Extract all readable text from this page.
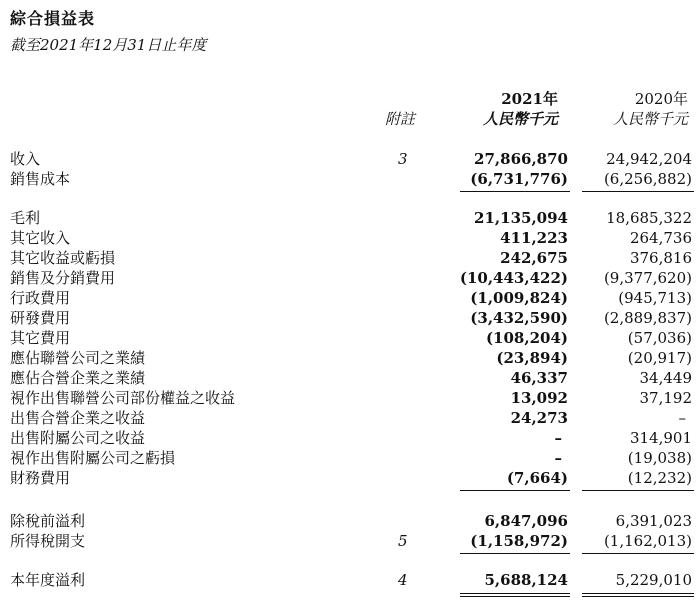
綜合損益表
截至2021年12月31日止年度
附註
2021年
人民幣千元
2020年
人民幣千元
收入	3	27,866,870	24,942,204
銷售成本	(6,731,776)	(6,256,882)
毛利	21,135,094	18,685,322
其它收入	411,223	264,736
其它收益或虧損	242,675	376,816
銷售及分銷費用	(10,443,422)	(9,377,620)
行政費用	(1,009,824)	(945,713)
研發費用	(3,432,590)	(2,889,837)
其它費用	(108,204)	(57,036)
應佔聯營公司之業績	(23,894)	(20,917)
應佔合營企業之業績	46,337	34,449
視作出售聯營公司部份權益之收益	13,092	37,192
出售合營企業之收益	24,273	–
出售附屬公司之收益	–	314,901
視作出售附屬公司之虧損	–	(19,038)
財務費用	(7,664)	(12,232)
除稅前溢利	6,847,096	6,391,023
所得稅開支	5	(1,158,972)	(1,162,013)
本年度溢利	4	5,688,124	5,229,010
